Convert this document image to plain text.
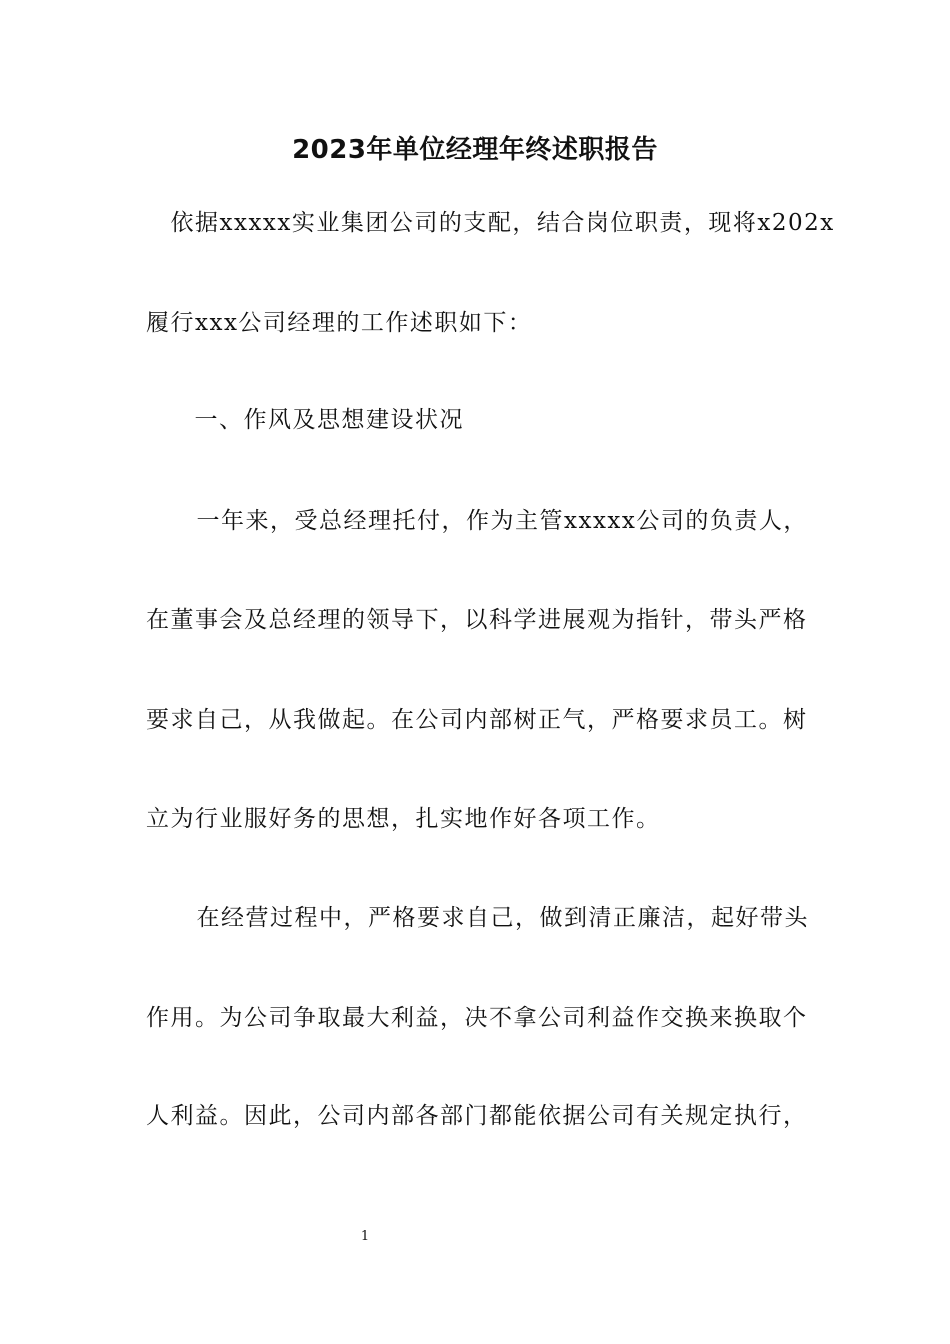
2023年单位经理年终述职报告
　依据xxxxx实业集团公司的支配，结合岗位职责，现将x202x
履行xxx公司经理的工作述职如下：
　一、作风及思想建设状况
　一年来，受总经理托付，作为主管xxxxx公司的负责人，
在董事会及总经理的领导下，以科学进展观为指针，带头严格
要求自己，从我做起。在公司内部树正气，严格要求员工。树
立为行业服好务的思想，扎实地作好各项工作。
　在经营过程中，严格要求自己，做到清正廉洁，起好带头
作用。为公司争取最大利益，决不拿公司利益作交换来换取个
人利益。因此，公司内部各部门都能依据公司有关规定执行，
1
